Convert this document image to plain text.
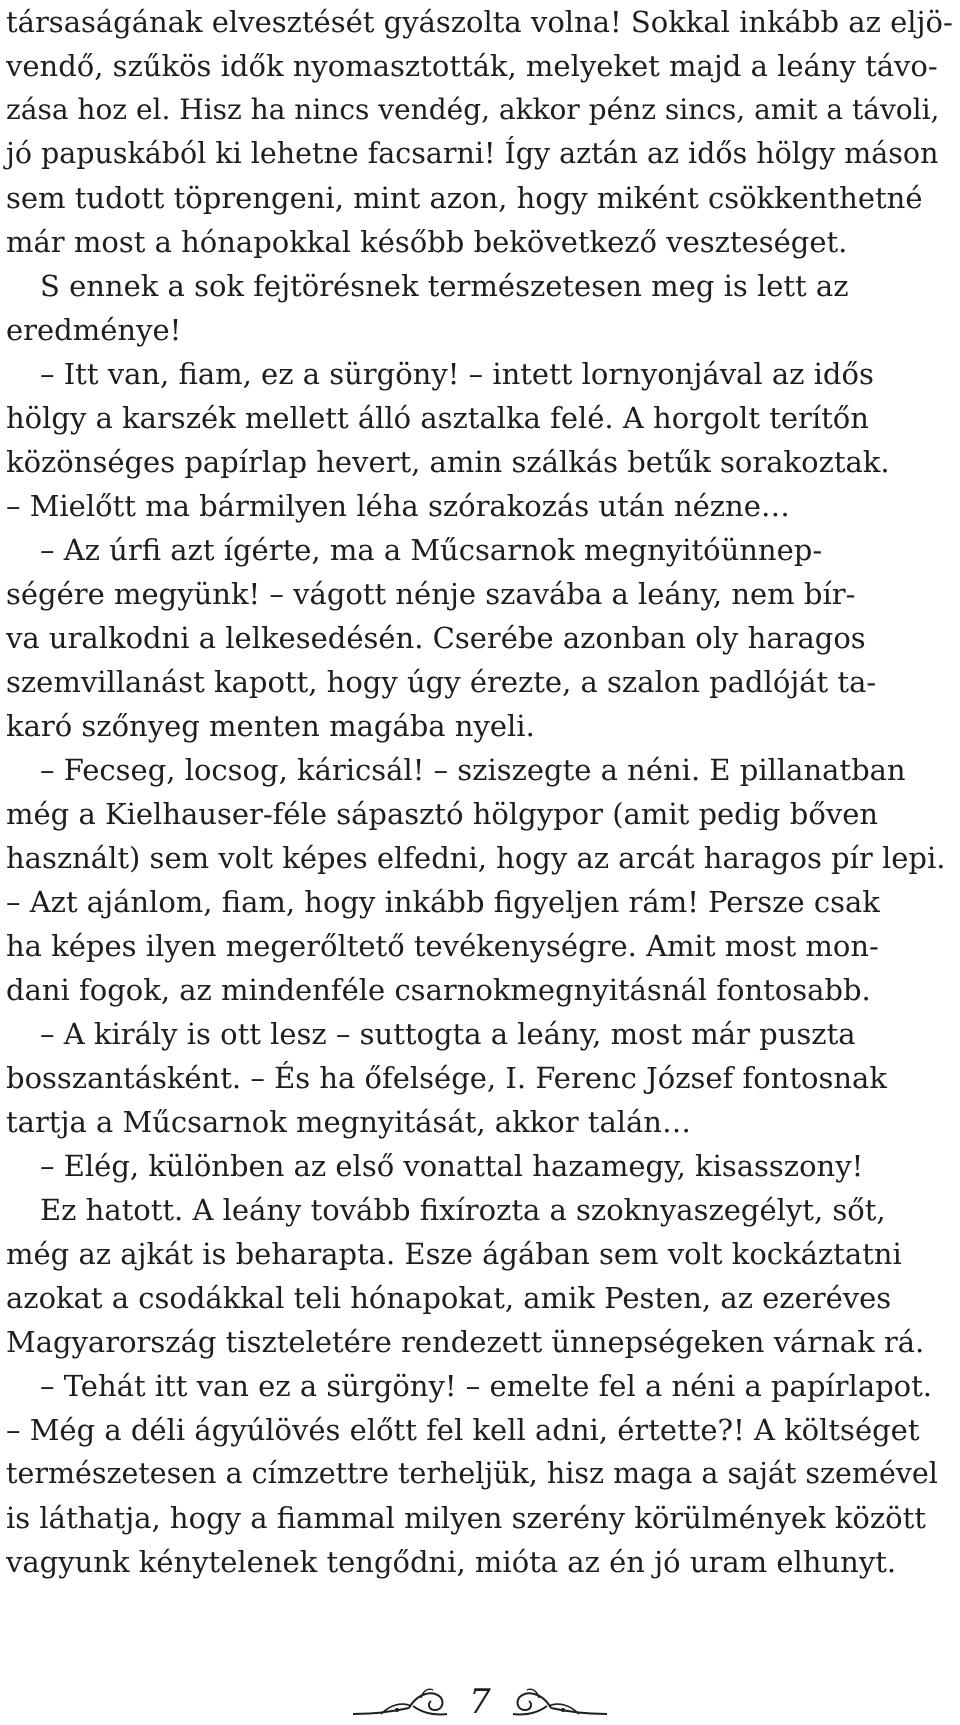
társaságának elvesztését gyászolta volna! Sokkal inkább az eljö-
vendő, szűkös idők nyomasztották, melyeket majd a leány távo-
zása hoz el. Hisz ha nincs vendég, akkor pénz sincs, amit a távoli,
jó papuskából ki lehetne facsarni! Így aztán az idős hölgy máson
sem tudott töprengeni, mint azon, hogy miként csökkenthetné
már most a hónapokkal később bekövetkező veszteséget.
S ennek a sok fejtörésnek természetesen meg is lett az
eredménye!
– Itt van, fiam, ez a sürgöny! – intett lornyonjával az idős
hölgy a karszék mellett álló asztalka felé. A horgolt terítőn
közönséges papírlap hevert, amin szálkás betűk sorakoztak.
– Mielőtt ma bármilyen léha szórakozás után nézne…
– Az úrfi azt ígérte, ma a Műcsarnok megnyitóünnep-
ségére megyünk! – vágott nénje szavába a leány, nem bír-
va uralkodni a lelkesedésén. Cserébe azonban oly haragos
szemvillanást kapott, hogy úgy érezte, a szalon padlóját ta-
karó szőnyeg menten magába nyeli.
– Fecseg, locsog, káricsál! – sziszegte a néni. E pillanatban
még a Kielhauser-féle sápasztó hölgypor (amit pedig bőven
használt) sem volt képes elfedni, hogy az arcát haragos pír lepi.
– Azt ajánlom, fiam, hogy inkább figyeljen rám! Persze csak
ha képes ilyen megerőltető tevékenységre. Amit most mon-
dani fogok, az mindenféle csarnokmegnyitásnál fontosabb.
– A király is ott lesz – suttogta a leány, most már puszta
bosszantásként. – És ha őfelsége, I. Ferenc József fontosnak
tartja a Műcsarnok megnyitását, akkor talán…
– Elég, különben az első vonattal hazamegy, kisasszony!
Ez hatott. A leány tovább fixírozta a szoknyaszegélyt, sőt,
még az ajkát is beharapta. Esze ágában sem volt kockáztatni
azokat a csodákkal teli hónapokat, amik Pesten, az ezeréves
Magyarország tiszteletére rendezett ünnepségeken várnak rá.
– Tehát itt van ez a sürgöny! – emelte fel a néni a papírlapot.
– Még a déli ágyúlövés előtt fel kell adni, értette?! A költséget
természetesen a címzettre terheljük, hisz maga a saját szemével
is láthatja, hogy a fiammal milyen szerény körülmények között
vagyunk kénytelenek tengődni, mióta az én jó uram elhunyt.
7
